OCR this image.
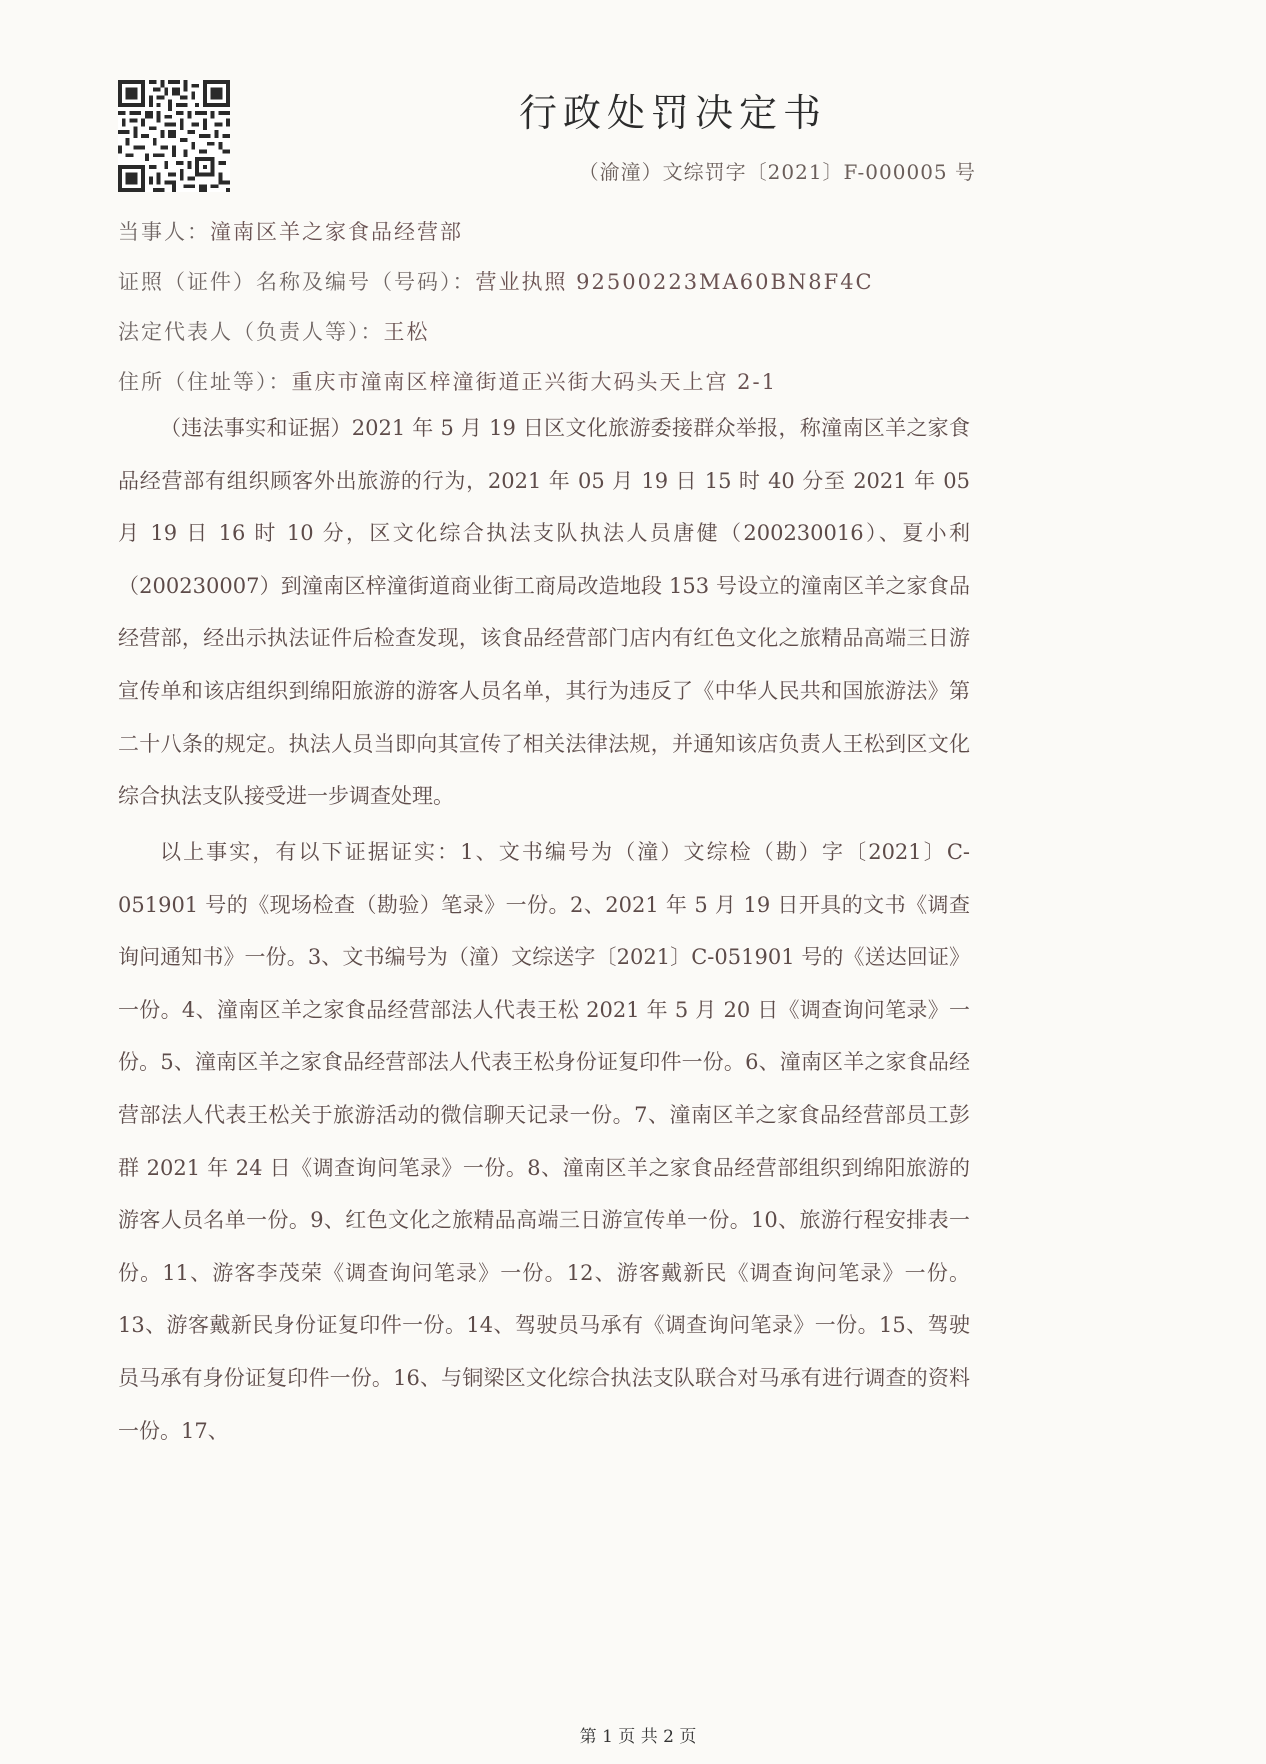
行政处罚决定书
（渝潼）文综罚字〔2021〕F-000005 号
当事人：潼南区羊之家食品经营部
证照（证件）名称及编号（号码）：营业执照 92500223MA60BN8F4C
法定代表人（负责人等）：王松
住所（住址等）：重庆市潼南区梓潼街道正兴街大码头天上宫 2-1
（违法事实和证据）2021 年 5 月 19 日区文化旅游委接群众举报，称潼南区羊之家食品经营部有组织顾客外出旅游的行为，2021 年 05 月 19 日 15 时 40 分至 2021 年 05 月 19 日 16 时 10 分，区文化综合执法支队执法人员唐健（200230016）、夏小利（200230007）到潼南区梓潼街道商业街工商局改造地段 153 号设立的潼南区羊之家食品经营部，经出示执法证件后检查发现，该食品经营部门店内有红色文化之旅精品高端三日游宣传单和该店组织到绵阳旅游的游客人员名单，其行为违反了《中华人民共和国旅游法》第二十八条的规定。执法人员当即向其宣传了相关法律法规，并通知该店负责人王松到区文化综合执法支队接受进一步调查处理。
以上事实，有以下证据证实：1、文书编号为（潼）文综检（勘）字〔2021〕C-051901 号的《现场检查（勘验）笔录》一份。2、2021 年 5 月 19 日开具的文书《调查询问通知书》一份。3、文书编号为（潼）文综送字〔2021〕C-051901 号的《送达回证》一份。4、潼南区羊之家食品经营部法人代表王松 2021 年 5 月 20 日《调查询问笔录》一份。5、潼南区羊之家食品经营部法人代表王松身份证复印件一份。6、潼南区羊之家食品经营部法人代表王松关于旅游活动的微信聊天记录一份。7、潼南区羊之家食品经营部员工彭群 2021 年 24 日《调查询问笔录》一份。8、潼南区羊之家食品经营部组织到绵阳旅游的游客人员名单一份。9、红色文化之旅精品高端三日游宣传单一份。10、旅游行程安排表一份。11、游客李茂荣《调查询问笔录》一份。12、游客戴新民《调查询问笔录》一份。13、游客戴新民身份证复印件一份。14、驾驶员马承有《调查询问笔录》一份。15、驾驶员马承有身份证复印件一份。16、与铜梁区文化综合执法支队联合对马承有进行调查的资料一份。17、
第 1 页 共 2 页
